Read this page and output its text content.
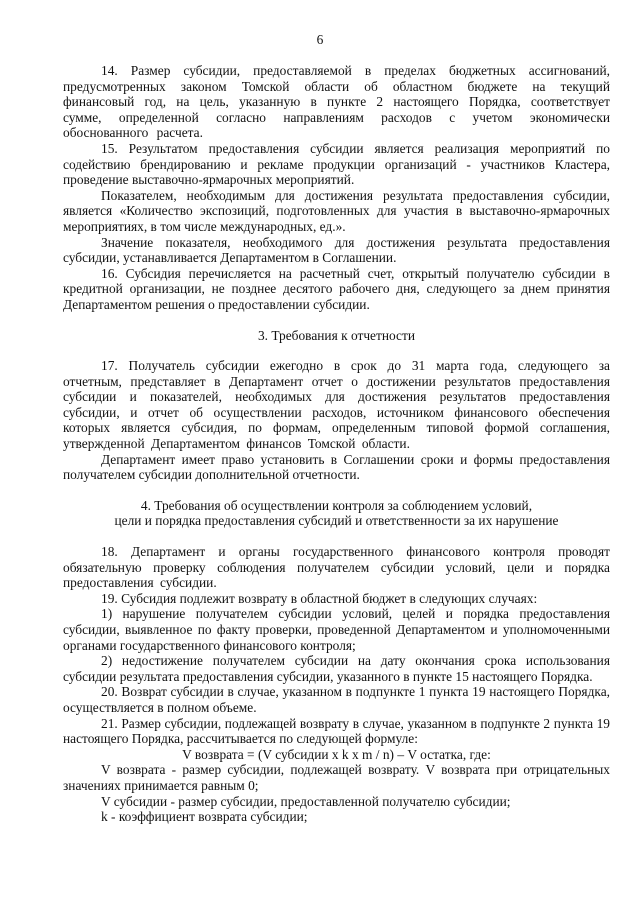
6

14. Размер субсидии, предоставляемой в пределах бюджетных ассигнований, предусмотренных законом Томской области об областном бюджете на текущий финансовый год, на цель, указанную в пункте 2 настоящего Порядка, соответствует сумме, определенной согласно направлениям расходов с учетом экономически обоснованного расчета.

15. Результатом предоставления субсидии является реализация мероприятий по содействию брендированию и рекламе продукции организаций - участников Кластера, проведение выставочно-ярмарочных мероприятий.

Показателем, необходимым для достижения результата предоставления субсидии, является «Количество экспозиций, подготовленных для участия в выставочно-ярмарочных мероприятиях, в том числе международных, ед.».

Значение показателя, необходимого для достижения результата предоставления субсидии, устанавливается Департаментом в Соглашении.

16. Субсидия перечисляется на расчетный счет, открытый получателю субсидии в кредитной организации, не позднее десятого рабочего дня, следующего за днем принятия Департаментом решения о предоставлении субсидии.

3. Требования к отчетности

17. Получатель субсидии ежегодно в срок до 31 марта года, следующего за отчетным, представляет в Департамент отчет о достижении результатов предоставления субсидии и показателей, необходимых для достижения результатов предоставления субсидии, и отчет об осуществлении расходов, источником финансового обеспечения которых является субсидия, по формам, определенным типовой формой соглашения, утвержденной Департаментом финансов Томской области.

Департамент имеет право установить в Соглашении сроки и формы предоставления получателем субсидии дополнительной отчетности.

4. Требования об осуществлении контроля за соблюдением условий,

цели и порядка предоставления субсидий и ответственности за их нарушение

18. Департамент и органы государственного финансового контроля проводят обязательную проверку соблюдения получателем субсидии условий, цели и порядка предоставления субсидии.

19. Субсидия подлежит возврату в областной бюджет в следующих случаях:

1) нарушение получателем субсидии условий, целей и порядка предоставления субсидии, выявленное по факту проверки, проведенной Департаментом и уполномоченными органами государственного финансового контроля;

2) недостижение получателем субсидии на дату окончания срока использования субсидии результата предоставления субсидии, указанного в пункте 15 настоящего Порядка.

20. Возврат субсидии в случае, указанном в подпункте 1 пункта 19 настоящего Порядка, осуществляется в полном объеме.

21. Размер субсидии, подлежащей возврату в случае, указанном в подпункте 2 пункта 19 настоящего Порядка, рассчитывается по следующей формуле:

V возврата = (V субсидии x k x m / n) – V остатка, где:

V возврата - размер субсидии, подлежащей возврату. V возврата при отрицательных значениях принимается равным 0;

V субсидии - размер субсидии, предоставленной получателю субсидии;

k - коэффициент возврата субсидии;
